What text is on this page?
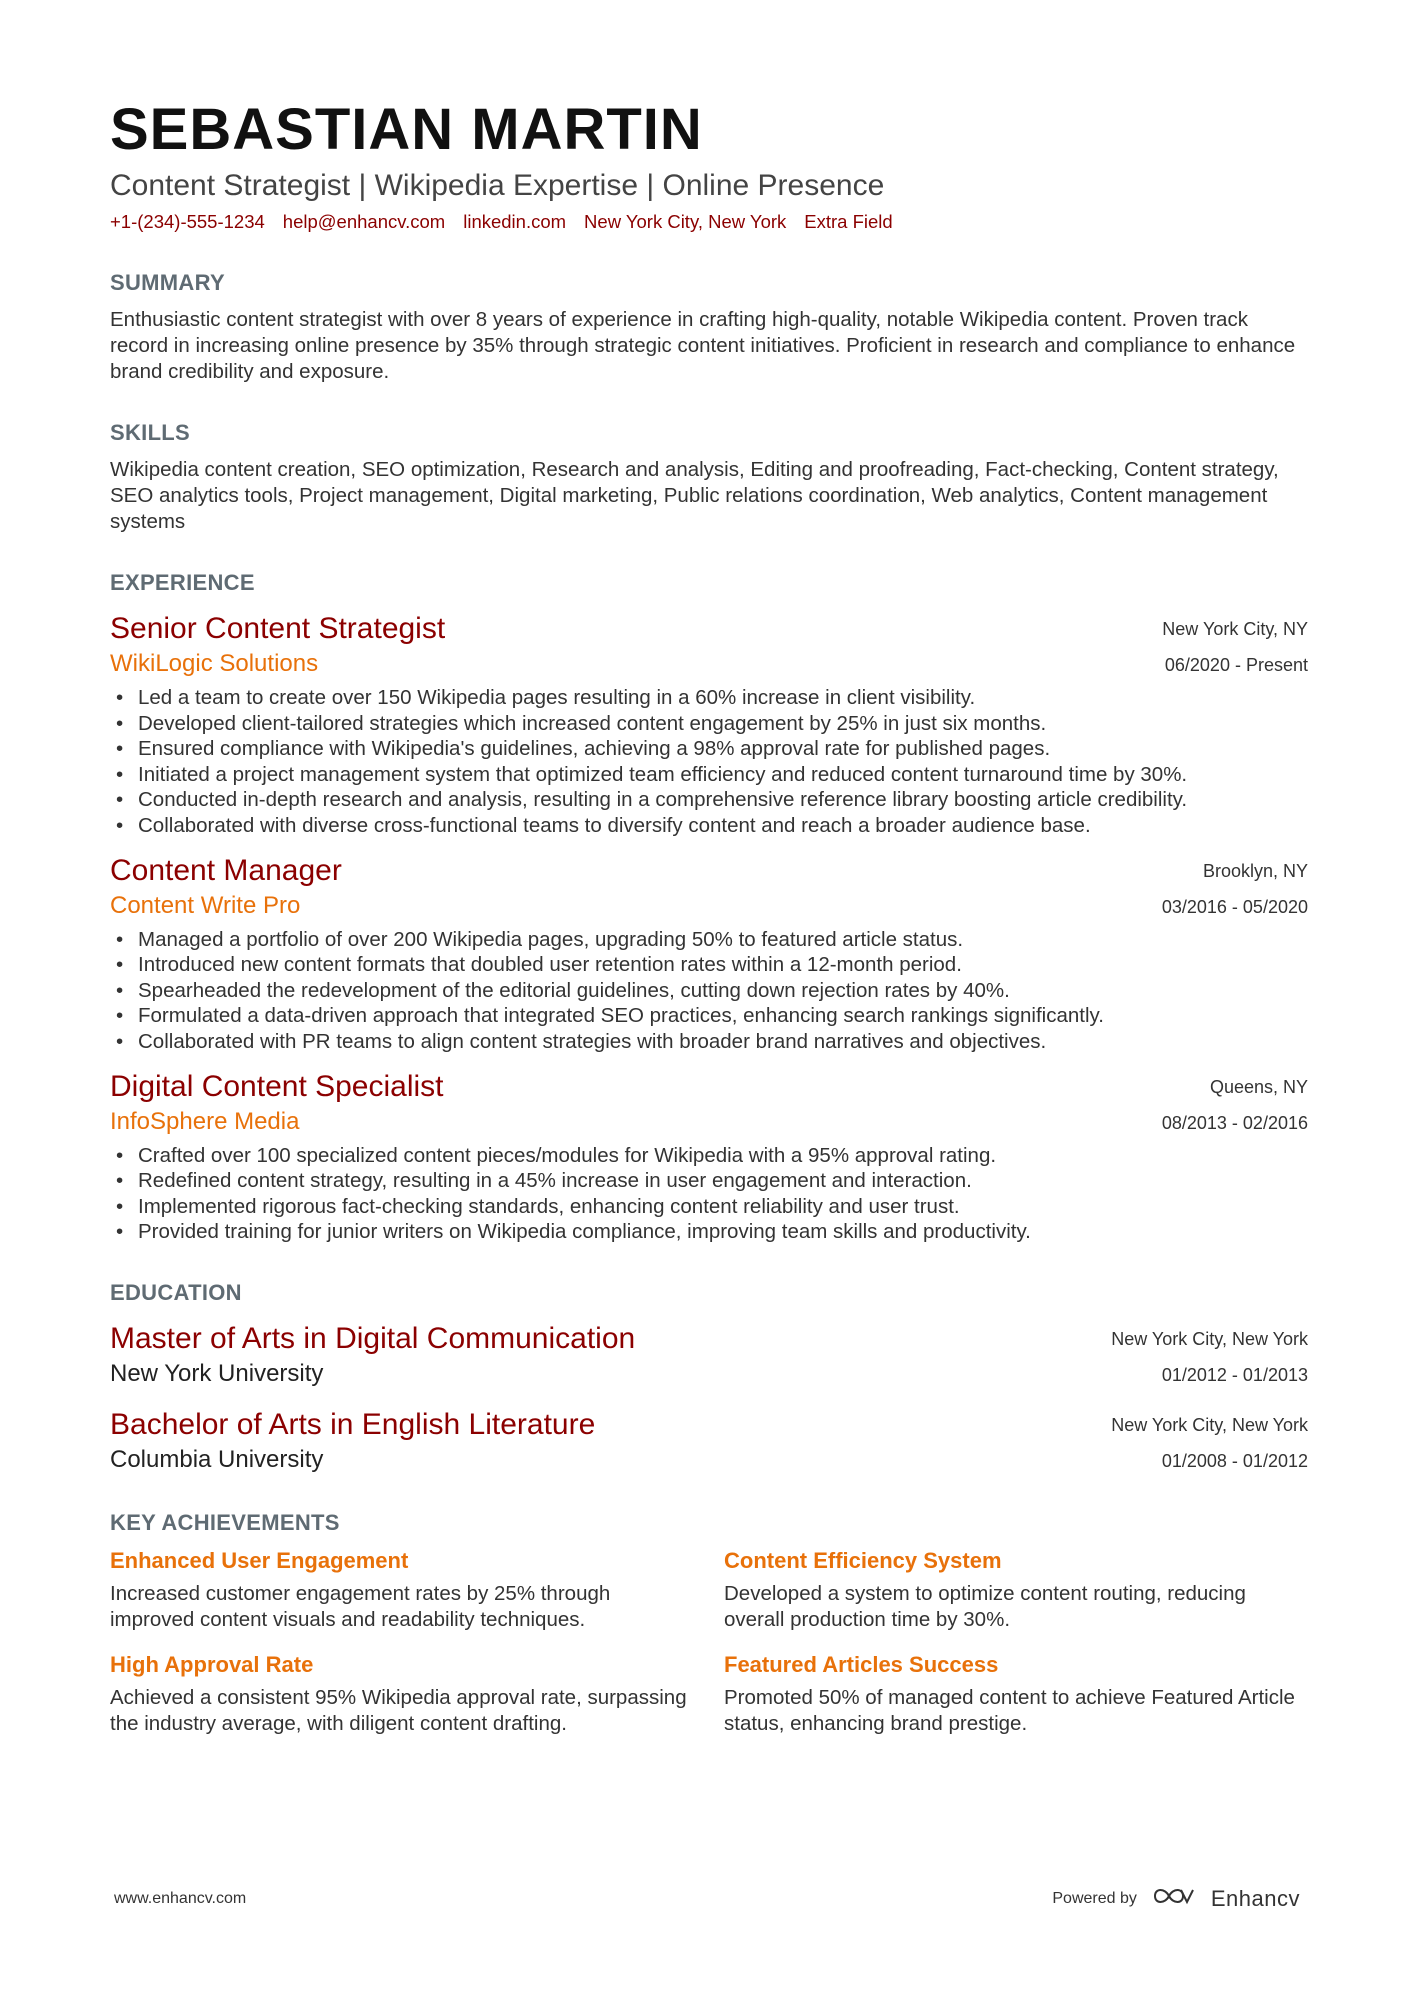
SEBASTIAN MARTIN
Content Strategist | Wikipedia Expertise | Online Presence
+1-(234)-555-1234 help@enhancv.com linkedin.com New York City, New York Extra Field
SUMMARY
Enthusiastic content strategist with over 8 years of experience in crafting high-quality, notable Wikipedia content. Proven track record in increasing online presence by 35% through strategic content initiatives. Proficient in research and compliance to enhance brand credibility and exposure.
SKILLS
Wikipedia content creation, SEO optimization, Research and analysis, Editing and proofreading, Fact-checking, Content strategy, SEO analytics tools, Project management, Digital marketing, Public relations coordination, Web analytics, Content management systems
EXPERIENCE
Senior Content Strategist
WikiLogic Solutions
New York City, NY
06/2020 - Present
• Led a team to create over 150 Wikipedia pages resulting in a 60% increase in client visibility.
• Developed client-tailored strategies which increased content engagement by 25% in just six months.
• Ensured compliance with Wikipedia's guidelines, achieving a 98% approval rate for published pages.
• Initiated a project management system that optimized team efficiency and reduced content turnaround time by 30%.
• Conducted in-depth research and analysis, resulting in a comprehensive reference library boosting article credibility.
• Collaborated with diverse cross-functional teams to diversify content and reach a broader audience base.
Content Manager
Content Write Pro
Brooklyn, NY
03/2016 - 05/2020
• Managed a portfolio of over 200 Wikipedia pages, upgrading 50% to featured article status.
• Introduced new content formats that doubled user retention rates within a 12-month period.
• Spearheaded the redevelopment of the editorial guidelines, cutting down rejection rates by 40%.
• Formulated a data-driven approach that integrated SEO practices, enhancing search rankings significantly.
• Collaborated with PR teams to align content strategies with broader brand narratives and objectives.
Digital Content Specialist
InfoSphere Media
Queens, NY
08/2013 - 02/2016
• Crafted over 100 specialized content pieces/modules for Wikipedia with a 95% approval rating.
• Redefined content strategy, resulting in a 45% increase in user engagement and interaction.
• Implemented rigorous fact-checking standards, enhancing content reliability and user trust.
• Provided training for junior writers on Wikipedia compliance, improving team skills and productivity.
EDUCATION
Master of Arts in Digital Communication
New York University
New York City, New York
01/2012 - 01/2013
Bachelor of Arts in English Literature
Columbia University
New York City, New York
01/2008 - 01/2012
KEY ACHIEVEMENTS
Enhanced User Engagement
Increased customer engagement rates by 25% through improved content visuals and readability techniques.
Content Efficiency System
Developed a system to optimize content routing, reducing overall production time by 30%.
High Approval Rate
Achieved a consistent 95% Wikipedia approval rate, surpassing the industry average, with diligent content drafting.
Featured Articles Success
Promoted 50% of managed content to achieve Featured Article status, enhancing brand prestige.
www.enhancv.com	Powered by	Enhancv
